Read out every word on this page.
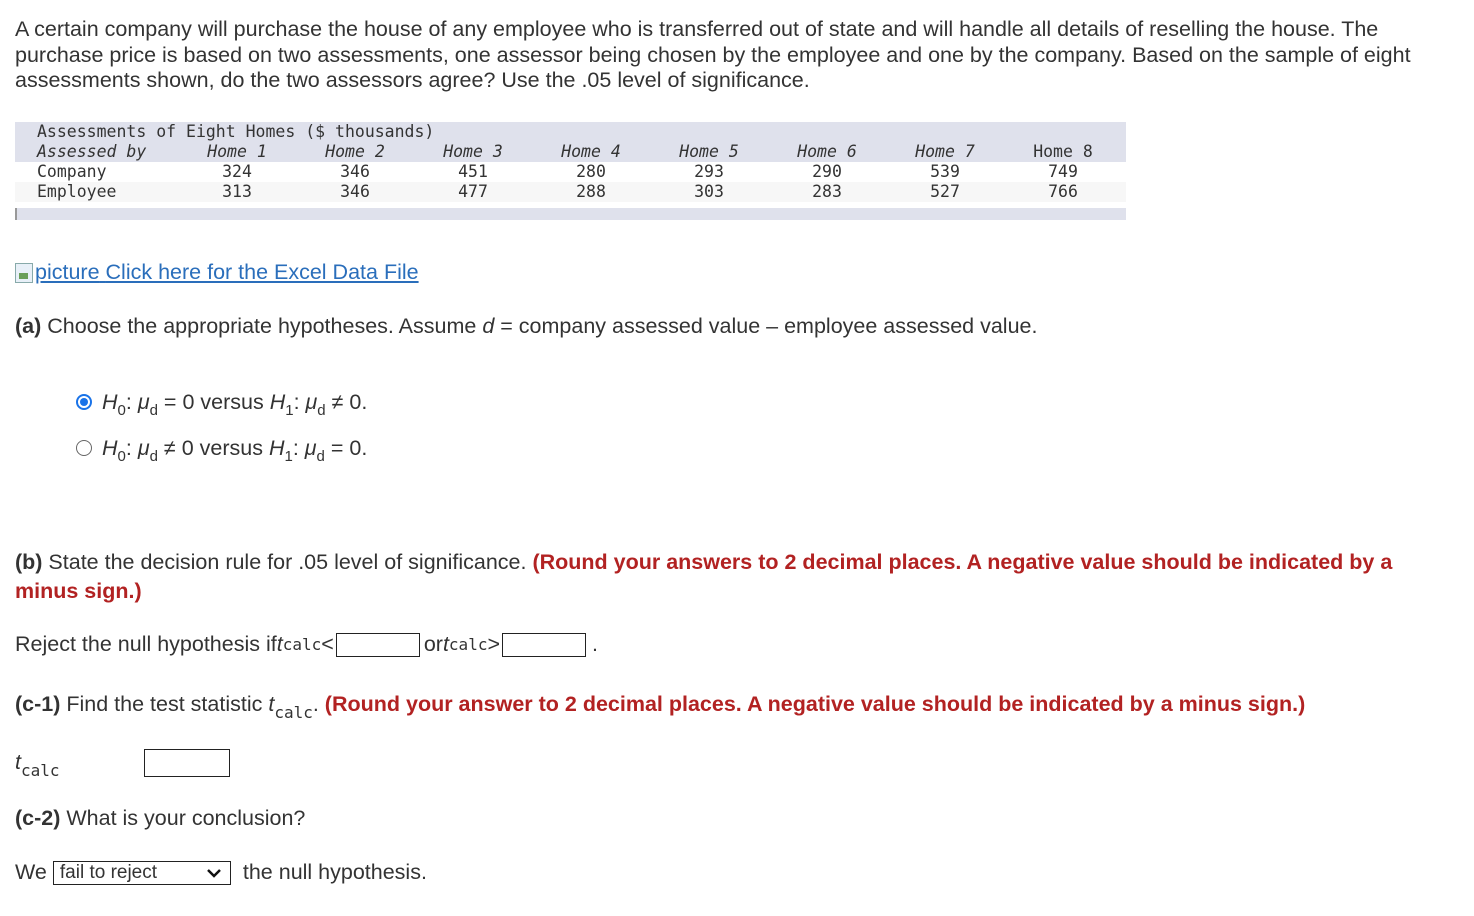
A certain company will purchase the house of any employee who is transferred out of state and will handle all details of reselling the house. The purchase price is based on two assessments, one assessor being chosen by the employee and one by the company. Based on the sample of eight assessments shown, do the two assessors agree? Use the .05 level of significance.
Assessments of Eight Homes ($ thousands)
Assessed by	Home 1	Home 2	Home 3	Home 4	Home 5	Home 6	Home 7	Home 8
Company	324	346	451	280	293	290	539	749
Employee	313	346	477	288	303	283	527	766
picture
Click here for the Excel Data File
(a) Choose the appropriate hypotheses. Assume d = company assessed value – employee assessed value.
$H_0$: $\mu_d = 0$ versus $H_1$: $\mu_d \ne 0$.
$H_0$: $\mu_d \ne 0$ versus $H_1$: $\mu_d = 0$.
(b) State the decision rule for .05 level of significance. (Round your answers to 2 decimal places. A negative value should be indicated by a minus sign.)
Reject the null hypothesis if t calc <	or t calc >	.
(c-1) Find the test statistic $t_{calc}$. (Round your answer to 2 decimal places. A negative value should be indicated by a minus sign.)
$t_{calc}$
(c-2) What is your conclusion?
We fail to reject	the null hypothesis.
